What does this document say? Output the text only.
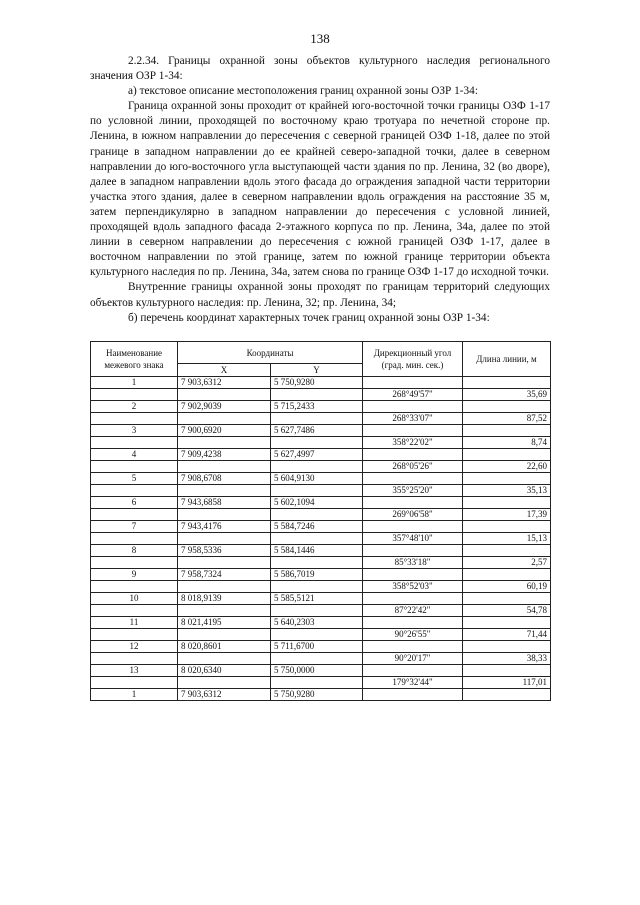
138

2.2.34. Границы охранной зоны объектов культурного наследия регионального значения ОЗР 1-34:

а) текстовое описание местоположения границ охранной зоны ОЗР 1-34:

Граница охранной зоны проходит от крайней юго-восточной точки границы ОЗФ 1-17 по условной линии, проходящей по восточному краю тротуара по нечетной стороне пр. Ленина, в южном направлении до пересечения с северной границей ОЗФ 1-18, далее по этой границе в западном направлении до ее крайней северо-западной точки, далее в северном направлении до юго-восточного угла выступающей части здания по пр. Ленина, 32 (во дворе), далее в западном направлении вдоль этого фасада до ограждения западной части территории участка этого здания, далее в северном направлении вдоль ограждения на расстояние 35 м, затем перпендикулярно в западном направлении до пересечения с условной линией, проходящей вдоль западного фасада 2-этажного корпуса по пр. Ленина, 34а, далее по этой линии в северном направлении до пересечения с южной границей ОЗФ 1-17, далее в восточном направлении по этой границе, затем по южной границе территории объекта культурного наследия по пр. Ленина, 34а, затем снова по границе ОЗФ 1-17 до исходной точки.

Внутренние границы охранной зоны проходят по границам территорий следующих объектов культурного наследия: пр. Ленина, 32; пр. Ленина, 34;

б) перечень координат характерных точек границ охранной зоны ОЗР 1-34:

Наименование межевого знака	Координаты		Дирекционный угол (град. мин. сек.)	Длина линии, м
	X	Y		
1	7 903,6312	5 750,9280		
			268°49'57"	35,69
2	7 902,9039	5 715,2433		
			268°33'07"	87,52
3	7 900,6920	5 627,7486		
			358°22'02"	8,74
4	7 909,4238	5 627,4997		
			268°05'26"	22,60
5	7 908,6708	5 604,9130		
			355°25'20"	35,13
6	7 943,6858	5 602,1094		
			269°06'58"	17,39
7	7 943,4176	5 584,7246		
			357°48'10"	15,13
8	7 958,5336	5 584,1446		
			85°33'18"	2,57
9	7 958,7324	5 586,7019		
			358°52'03"	60,19
10	8 018,9139	5 585,5121		
			87°22'42"	54,78
11	8 021,4195	5 640,2303		
			90°26'55"	71,44
12	8 020,8601	5 711,6700		
			90°20'17"	38,33
13	8 020,6340	5 750,0000		
			179°32'44"	117,01
1	7 903,6312	5 750,9280		
